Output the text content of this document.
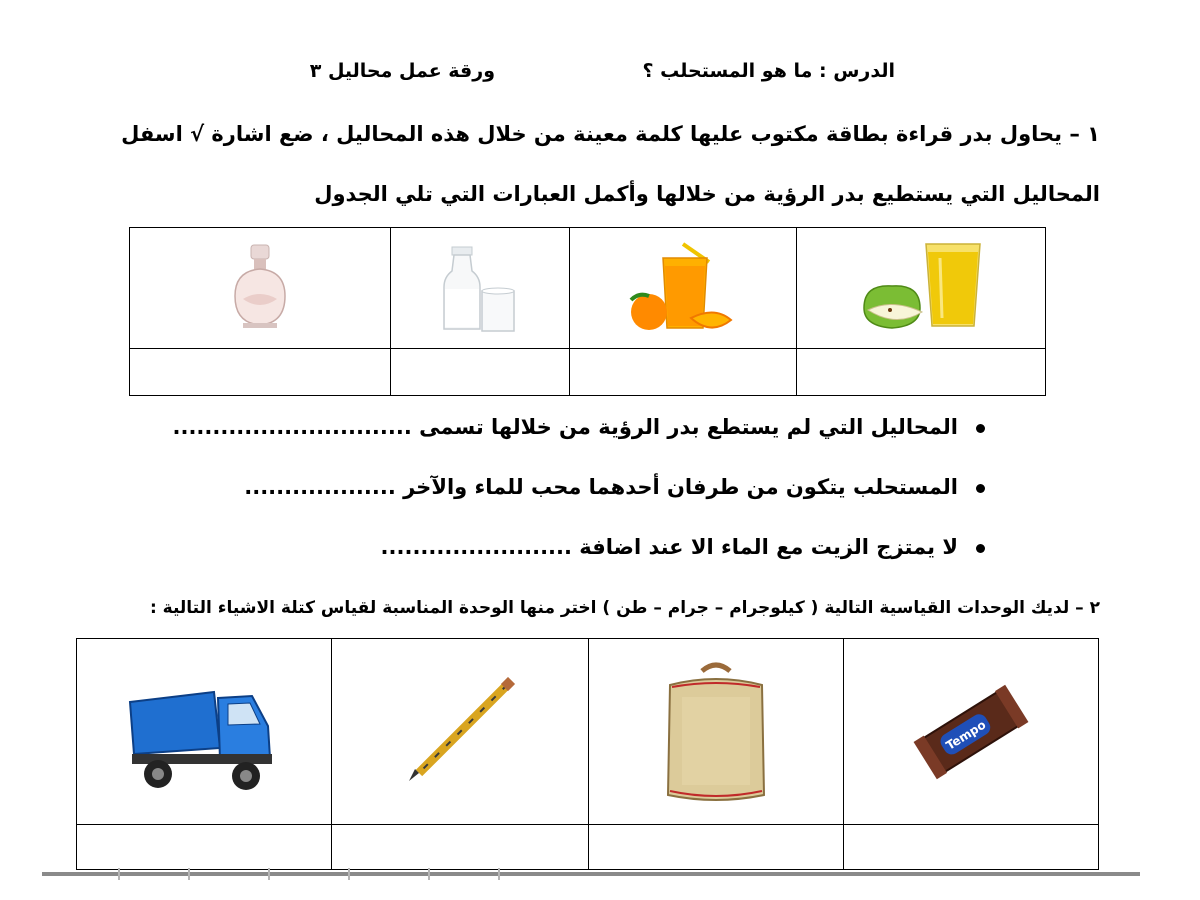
الدرس : ما هو المستحلب ؟
ورقة عمل محاليل ٣
١ – يحاول بدر قراءة بطاقة مكتوب عليها كلمة معينة من خلال هذه المحاليل ، ضع اشارة √ اسفل
المحاليل التي يستطيع بدر الرؤية من خلالها وأكمل العبارات التي تلي الجدول

المحاليل التي لم يستطع بدر الرؤية من خلالها تسمى ..............................
المستحلب يتكون من طرفان أحدهما محب للماء والآخر ...................
لا يمتزج الزيت مع الماء الا عند اضافة ........................
٢ – لديك الوحدات القياسية التالية ( كيلوجرام – جرام – طن ) اختر منها الوحدة المناسبة لقياس كتلة الاشياء التالية :

Tempo
